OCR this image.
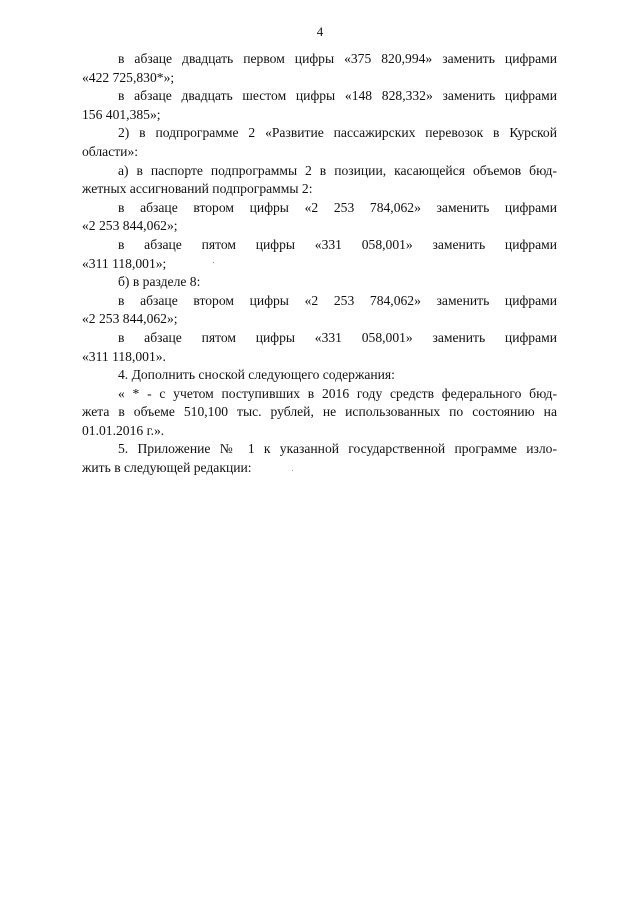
4
в абзаце двадцать первом цифры «375 820,994» заменить цифрами
«422 725,830*»;
в абзаце двадцать шестом цифры «148 828,332» заменить цифрами
156 401,385»;
2) в подпрограмме 2 «Развитие пассажирских перевозок в Курской
области»:
а) в паспорте подпрограммы 2 в позиции, касающейся объемов бюд-
жетных ассигнований подпрограммы 2:
в абзаце втором цифры «2 253 784,062» заменить цифрами
«2 253 844,062»;
в абзаце пятом цифры «331 058,001» заменить цифрами
«311 118,001»;
б) в разделе 8:
в абзаце втором цифры «2 253 784,062» заменить цифрами
«2 253 844,062»;
в абзаце пятом цифры «331 058,001» заменить цифрами
«311 118,001».
4. Дополнить сноской следующего содержания:
« * - с учетом поступивших в 2016 году средств федерального бюд-
жета в объеме 510,100 тыс. рублей, не использованных по состоянию на
01.01.2016 г.».
5. Приложение № 1 к указанной государственной программе изло-
жить в следующей редакции:
